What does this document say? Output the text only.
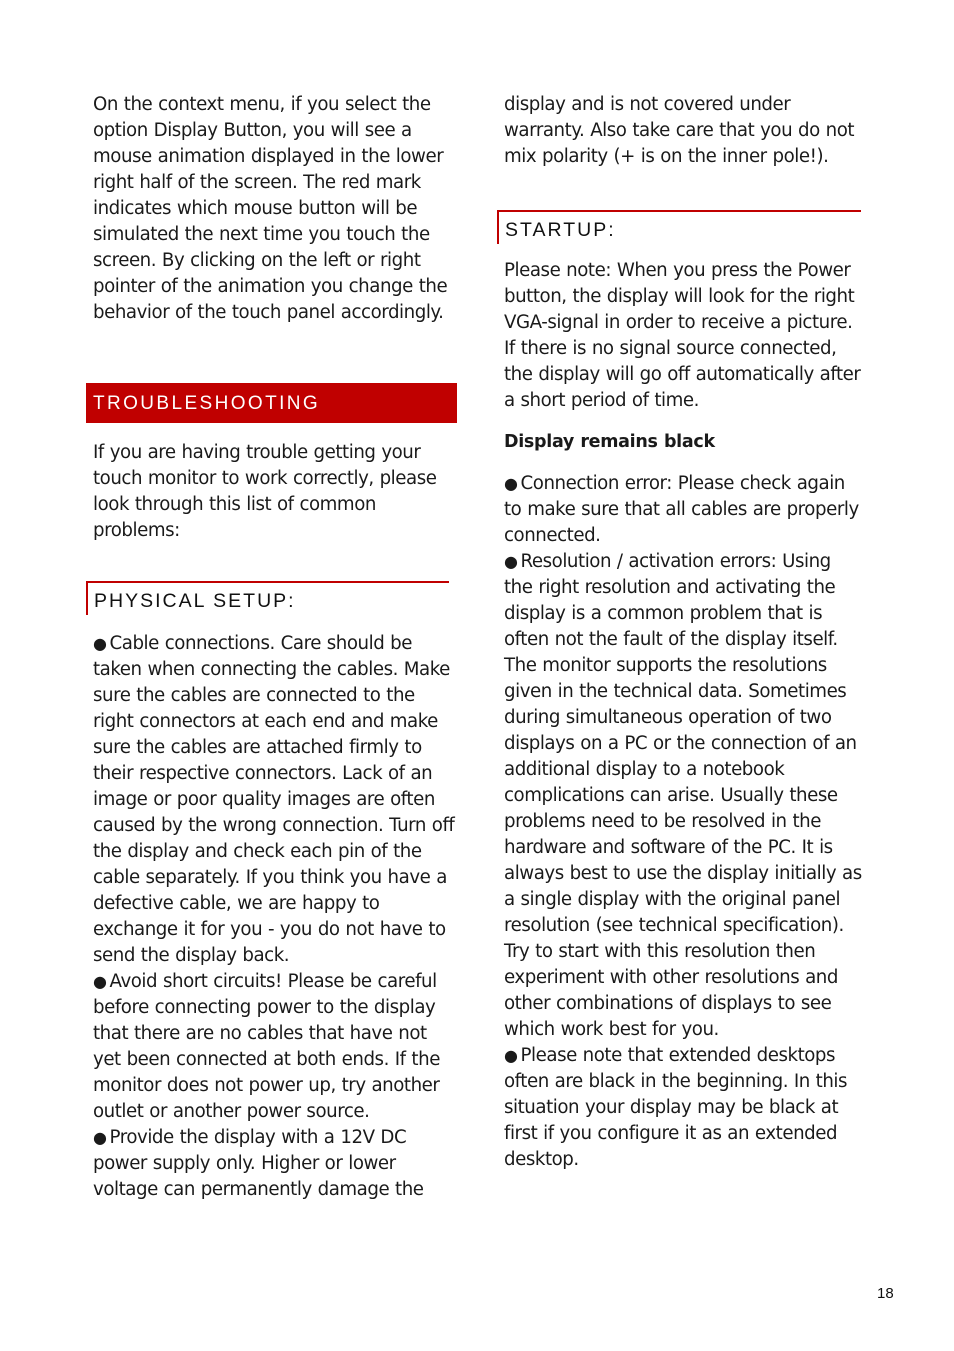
On the context menu, if you select the option Display Button, you will see a mouse animation displayed in the lower right half of the screen. The red mark indicates which mouse button will be simulated the next time you touch the screen. By clicking on the left or right pointer of the animation you change the behavior of the touch panel accordingly.

TROUBLESHOOTING

If you are having trouble getting your touch monitor to work correctly, please look through this list of common problems:

PHYSICAL SETUP:

● Cable connections. Care should be taken when connecting the cables. Make sure the cables are connected to the right connectors at each end and make sure the cables are attached firmly to their respective connectors. Lack of an image or poor quality images are often caused by the wrong connection. Turn off the display and check each pin of the cable separately. If you think you have a defective cable, we are happy to exchange it for you - you do not have to send the display back.

● Avoid short circuits! Please be careful before connecting power to the display that there are no cables that have not yet been connected at both ends. If the monitor does not power up, try another outlet or another power source.

● Provide the display with a 12V DC power supply only. Higher or lower voltage can permanently damage the

display and is not covered under warranty. Also take care that you do not mix polarity (+ is on the inner pole!).

STARTUP:

Please note: When you press the Power button, the display will look for the right VGA-signal in order to receive a picture. If there is no signal source connected, the display will go off automatically after a short period of time.

Display remains black

● Connection error: Please check again to make sure that all cables are properly connected.

● Resolution / activation errors: Using the right resolution and activating the display is a common problem that is often not the fault of the display itself. The monitor supports the resolutions given in the technical data. Sometimes during simultaneous operation of two displays on a PC or the connection of an additional display to a notebook complications can arise. Usually these problems need to be resolved in the hardware and software of the PC. It is always best to use the display initially as a single display with the original panel resolution (see technical specification). Try to start with this resolution then experiment with other resolutions and other combinations of displays to see which work best for you.

● Please note that extended desktops often are black in the beginning. In this situation your display may be black at first if you configure it as an extended desktop.

18
